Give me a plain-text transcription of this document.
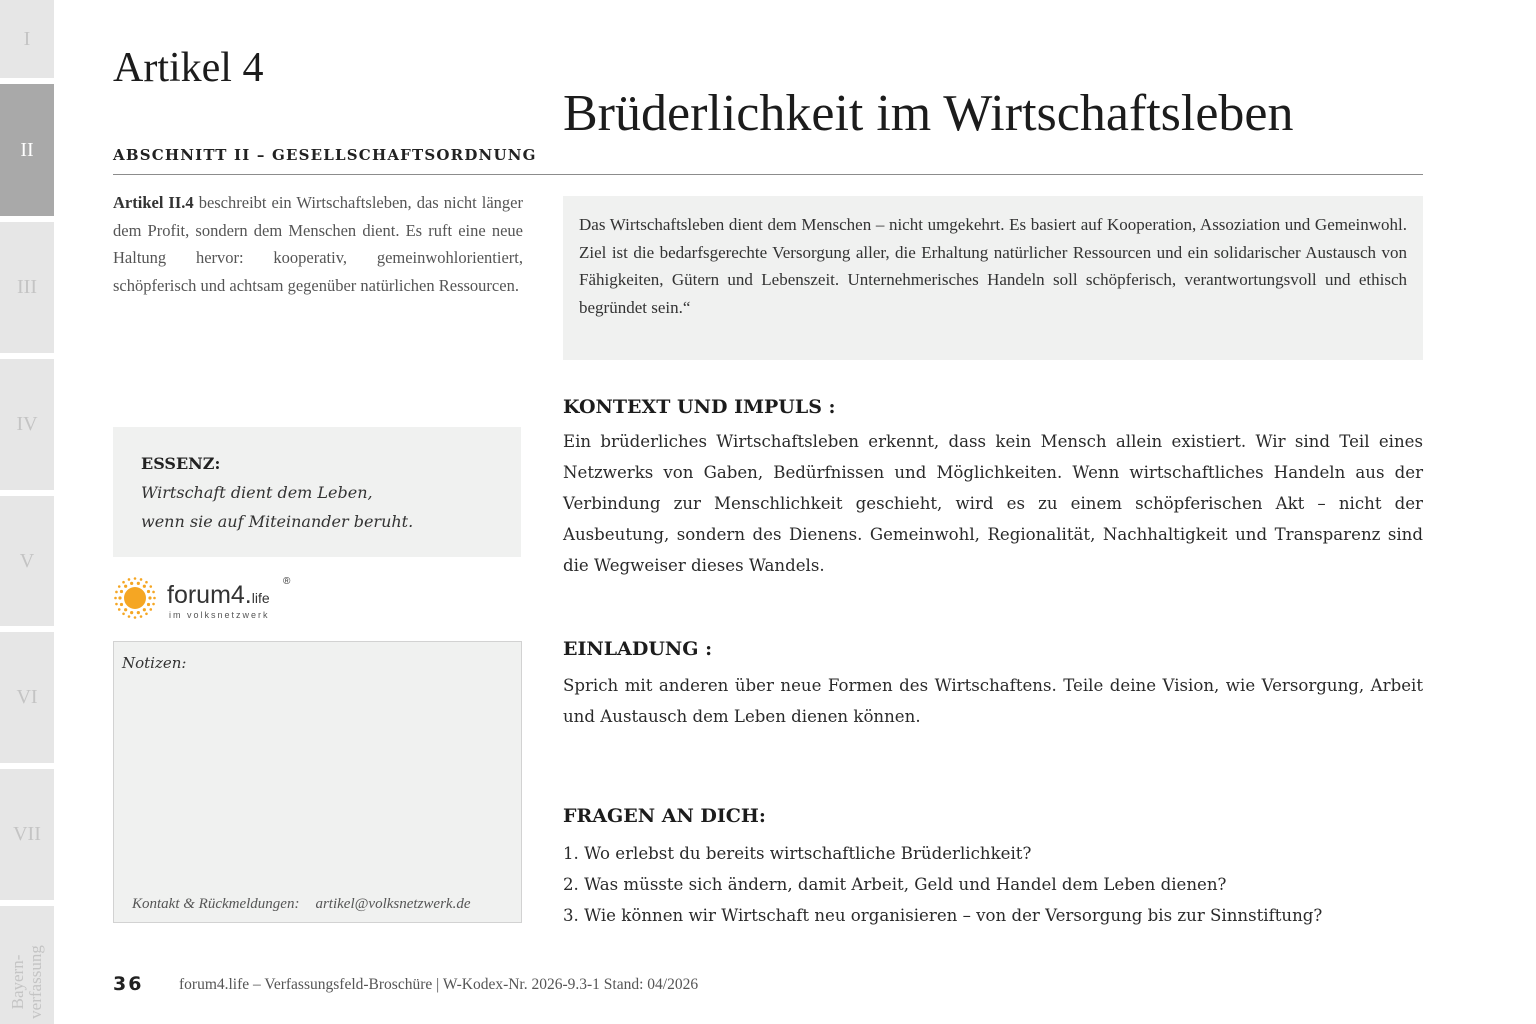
I
II
III
IV
V
VI
VII
Bayern- verfassung
Artikel 4
Brüderlichkeit im Wirtschaftsleben
ABSCHNITT II – GESELLSCHAFTSORDNUNG
Artikel II.4 beschreibt ein Wirtschaftsleben, das nicht länger dem Profit, sondern dem Menschen dient. Es ruft eine neue Haltung hervor: kooperativ, gemeinwohlorientiert, schöpferisch und achtsam gegenüber natürlichen Ressourcen.

Das Wirtschaftsleben dient dem Menschen – nicht umgekehrt. Es basiert auf Kooperation, Assoziation und Gemeinwohl. Ziel ist die bedarfsgerechte Versorgung aller, die Erhaltung natürlicher Ressourcen und ein solidarischer Austausch von Fähigkeiten, Gütern und Lebenszeit. Unternehmerisches Handeln soll schöpferisch, verantwortungsvoll und ethisch begründet sein.“

ESSENZ:
Wirtschaft dient dem Leben,
wenn sie auf Miteinander beruht.
forum4.life
®
im volksnetzwerk
Notizen:
Kontakt & Rückmeldungen: artikel@volksnetzwerk.de
KONTEXT UND IMPULS :
Ein brüderliches Wirtschaftsleben erkennt, dass kein Mensch allein existiert. Wir sind Teil eines Netzwerks von Gaben, Bedürfnissen und Möglichkeiten. Wenn wirtschaftliches Handeln aus der Verbindung zur Menschlichkeit geschieht, wird es zu einem schöpferischen Akt – nicht der Ausbeutung, sondern des Dienens. Gemeinwohl, Regionalität, Nachhaltigkeit und Transparenz sind die Wegweiser dieses Wandels.
EINLADUNG :
Sprich mit anderen über neue Formen des Wirtschaftens. Teile deine Vision, wie Versorgung, Arbeit und Austausch dem Leben dienen können.
FRAGEN AN DICH:
1. Wo erlebst du bereits wirtschaftliche Brüderlichkeit?
2. Was müsste sich ändern, damit Arbeit, Geld und Handel dem Leben dienen?
3. Wie können wir Wirtschaft neu organisieren – von der Versorgung bis zur Sinnstiftung?
36 forum4.life – Verfassungsfeld-Broschüre | W-Kodex-Nr. 2026-9.3-1 Stand: 04/2026
